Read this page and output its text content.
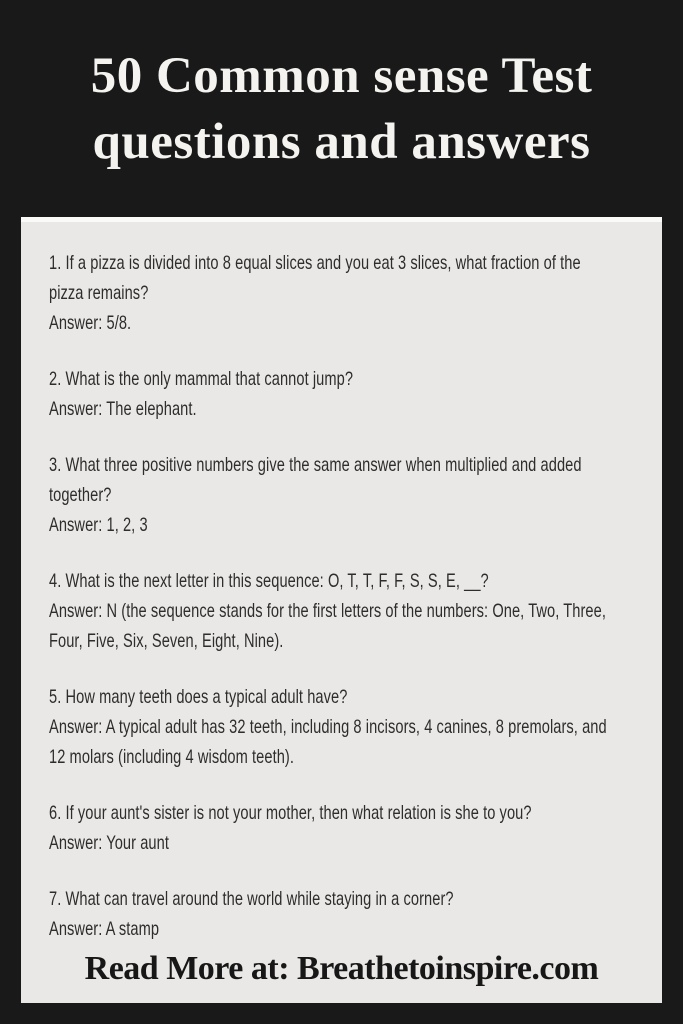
50 Common sense Test
questions and answers

1. If a pizza is divided into 8 equal slices and you eat 3 slices, what fraction of the pizza remains?

Answer: 5/8.

2. What is the only mammal that cannot jump?

Answer: The elephant.

3. What three positive numbers give the same answer when multiplied and added together?

Answer: 1, 2, 3

4. What is the next letter in this sequence: O, T, T, F, F, S, S, E, __?

Answer: N (the sequence stands for the first letters of the numbers: One, Two, Three, Four, Five, Six, Seven, Eight, Nine).

5. How many teeth does a typical adult have?

Answer: A typical adult has 32 teeth, including 8 incisors, 4 canines, 8 premolars, and 12 molars (including 4 wisdom teeth).

6. If your aunt's sister is not your mother, then what relation is she to you?

Answer: Your aunt

7. What can travel around the world while staying in a corner?

Answer: A stamp

Read More at: Breathetoinspire.com
